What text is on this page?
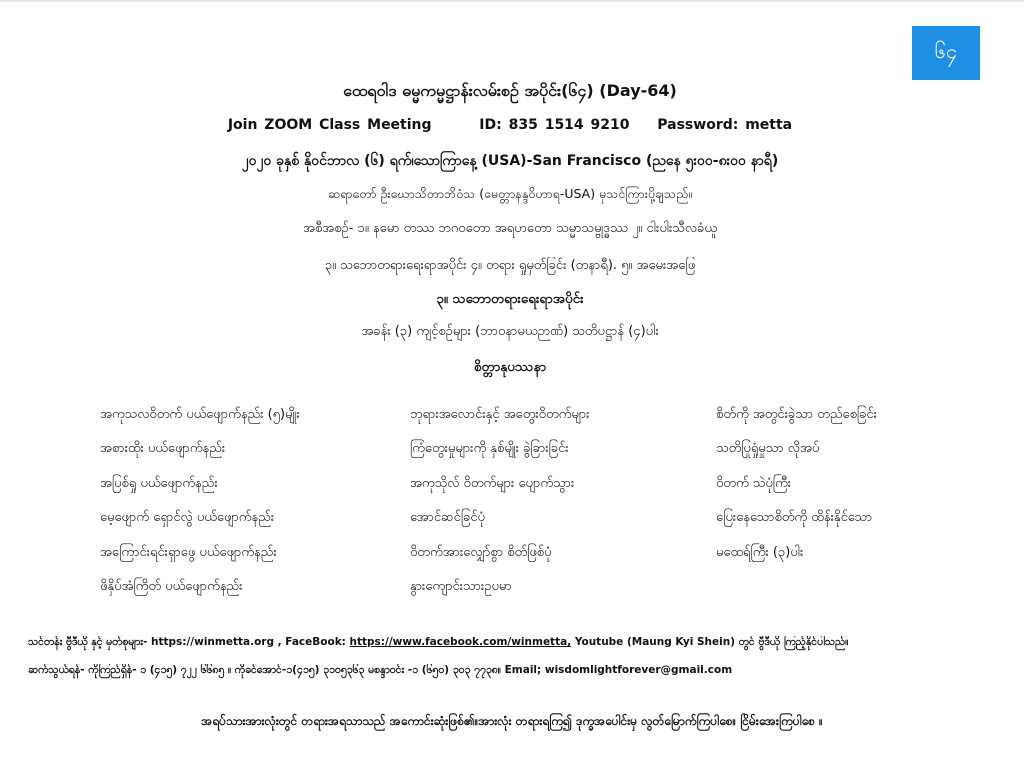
၆၄
ထေရဝါဒ ဓမ္မကမ္မဋ္ဌာန်းလမ်းစဉ် အပိုင်း(၆၄) (Day-64)
Join ZOOM Class Meeting	ID: 835 1514 9210 Password: metta
၂၀၂၀ ခုနှစ် နိုဝင်ဘာလ (၆) ရက်၊သောကြာနေ့ (USA)-San Francisco (ညနေ ၅း၀၀-၈း၀၀ နာရီ)
ဆရာတော် ဦးဃောသိတာဘိဝံသ (မေတ္တာနန္ဒဝိဟာရ-USA) မှသင်ကြားပို့ချသည်။
အစီအစဉ်- ၁။ နမော တဿ ဘဂဝတော အရဟတော သမ္မာသမ္ဗုဒ္ဓဿ ၂။ ငါးပါးသီလခံယူ
၃။ သဘောတရားရေးရာအပိုင်း ၄။ တရား ရှုမှတ်ခြင်း (တနာရီ). ၅။ အမေးအဖြေ
၃။ သဘောတရားရေးရာအပိုင်း
အခန်း (၃) ကျင့်စဉ်များ (ဘာဝနာမယဉာဏ်) သတိပဋ္ဌာန် (၄)ပါး
စိတ္တာနုပဿနာ
အကုသလဝိတက် ပယ်ဖျောက်နည်း (၅)မျိုး
အစားထိုး ပယ်ဖျောက်နည်း
အပြစ်ရှု ပယ်ဖျောက်နည်း
မေ့ဖျောက် ရှောင်လွဲ ပယ်ဖျောက်နည်း
အကြောင်းရင်းရှာဖွေ ပယ်ဖျောက်နည်း
ဖိနှိပ်အံကြိတ် ပယ်ဖျောက်နည်း
ဘုရားအလောင်းနှင့် အတွေးဝိတက်များ
ကြံတွေးမှုများကို နှစ်မျိုး ခွဲခြားခြင်း
အကုသိုလ် ဝိတက်များ ပျောက်သွား
အောင်ဆင်ခြင်ပုံ
ဝိတက်အားလျှော်စွာ စိတ်ဖြစ်ပုံ
နွားကျောင်းသားဥပမာ
စိတ်ကို အတွင်းခွဲသာ တည်စေခြင်း
သတိပြုရှုံမှုသာ လိုအပ်
ဝိတက် သဲပုံကြီး
ပြေးနေသောစိတ်ကို ထိန်းနိုင်သော
မထေရ်ကြီး (၃)ပါး
သင်တန်း ဗွီဒီယို နှင့် မှတ်စုများ- https://winmetta.org , FaceBook: https://www.facebook.com/winmetta, Youtube (Maung Kyi Shein) တွင် ဗွီဒီယို ကြည့်နိုင်ပါသည်။
ဆက်သွယ်ရန်- ကိုကြည်ရှိန်- ၁ (၄၁၅) ၇၂၂ ၆၆၈၅ ။ ကိုခင်အောင်-၁(၄၁၅) ၃၁၀၅၃၆၃ မစန္ဒာဝင်း -၁ (၆၅၀) ၃၀၃ ၇၇၃၈။ Email; wisdomlightforever@gmail.com
အရပ်သားအားလုံးတွင် တရားအရသာသည် အကောင်းဆုံးဖြစ်၏။အားလုံး တရားရကြ၍ ဒုက္ခအပေါင်းမှ လွတ်မြောက်ကြပါစေ။ ငြိမ်းအေးကြပါစေ ။
